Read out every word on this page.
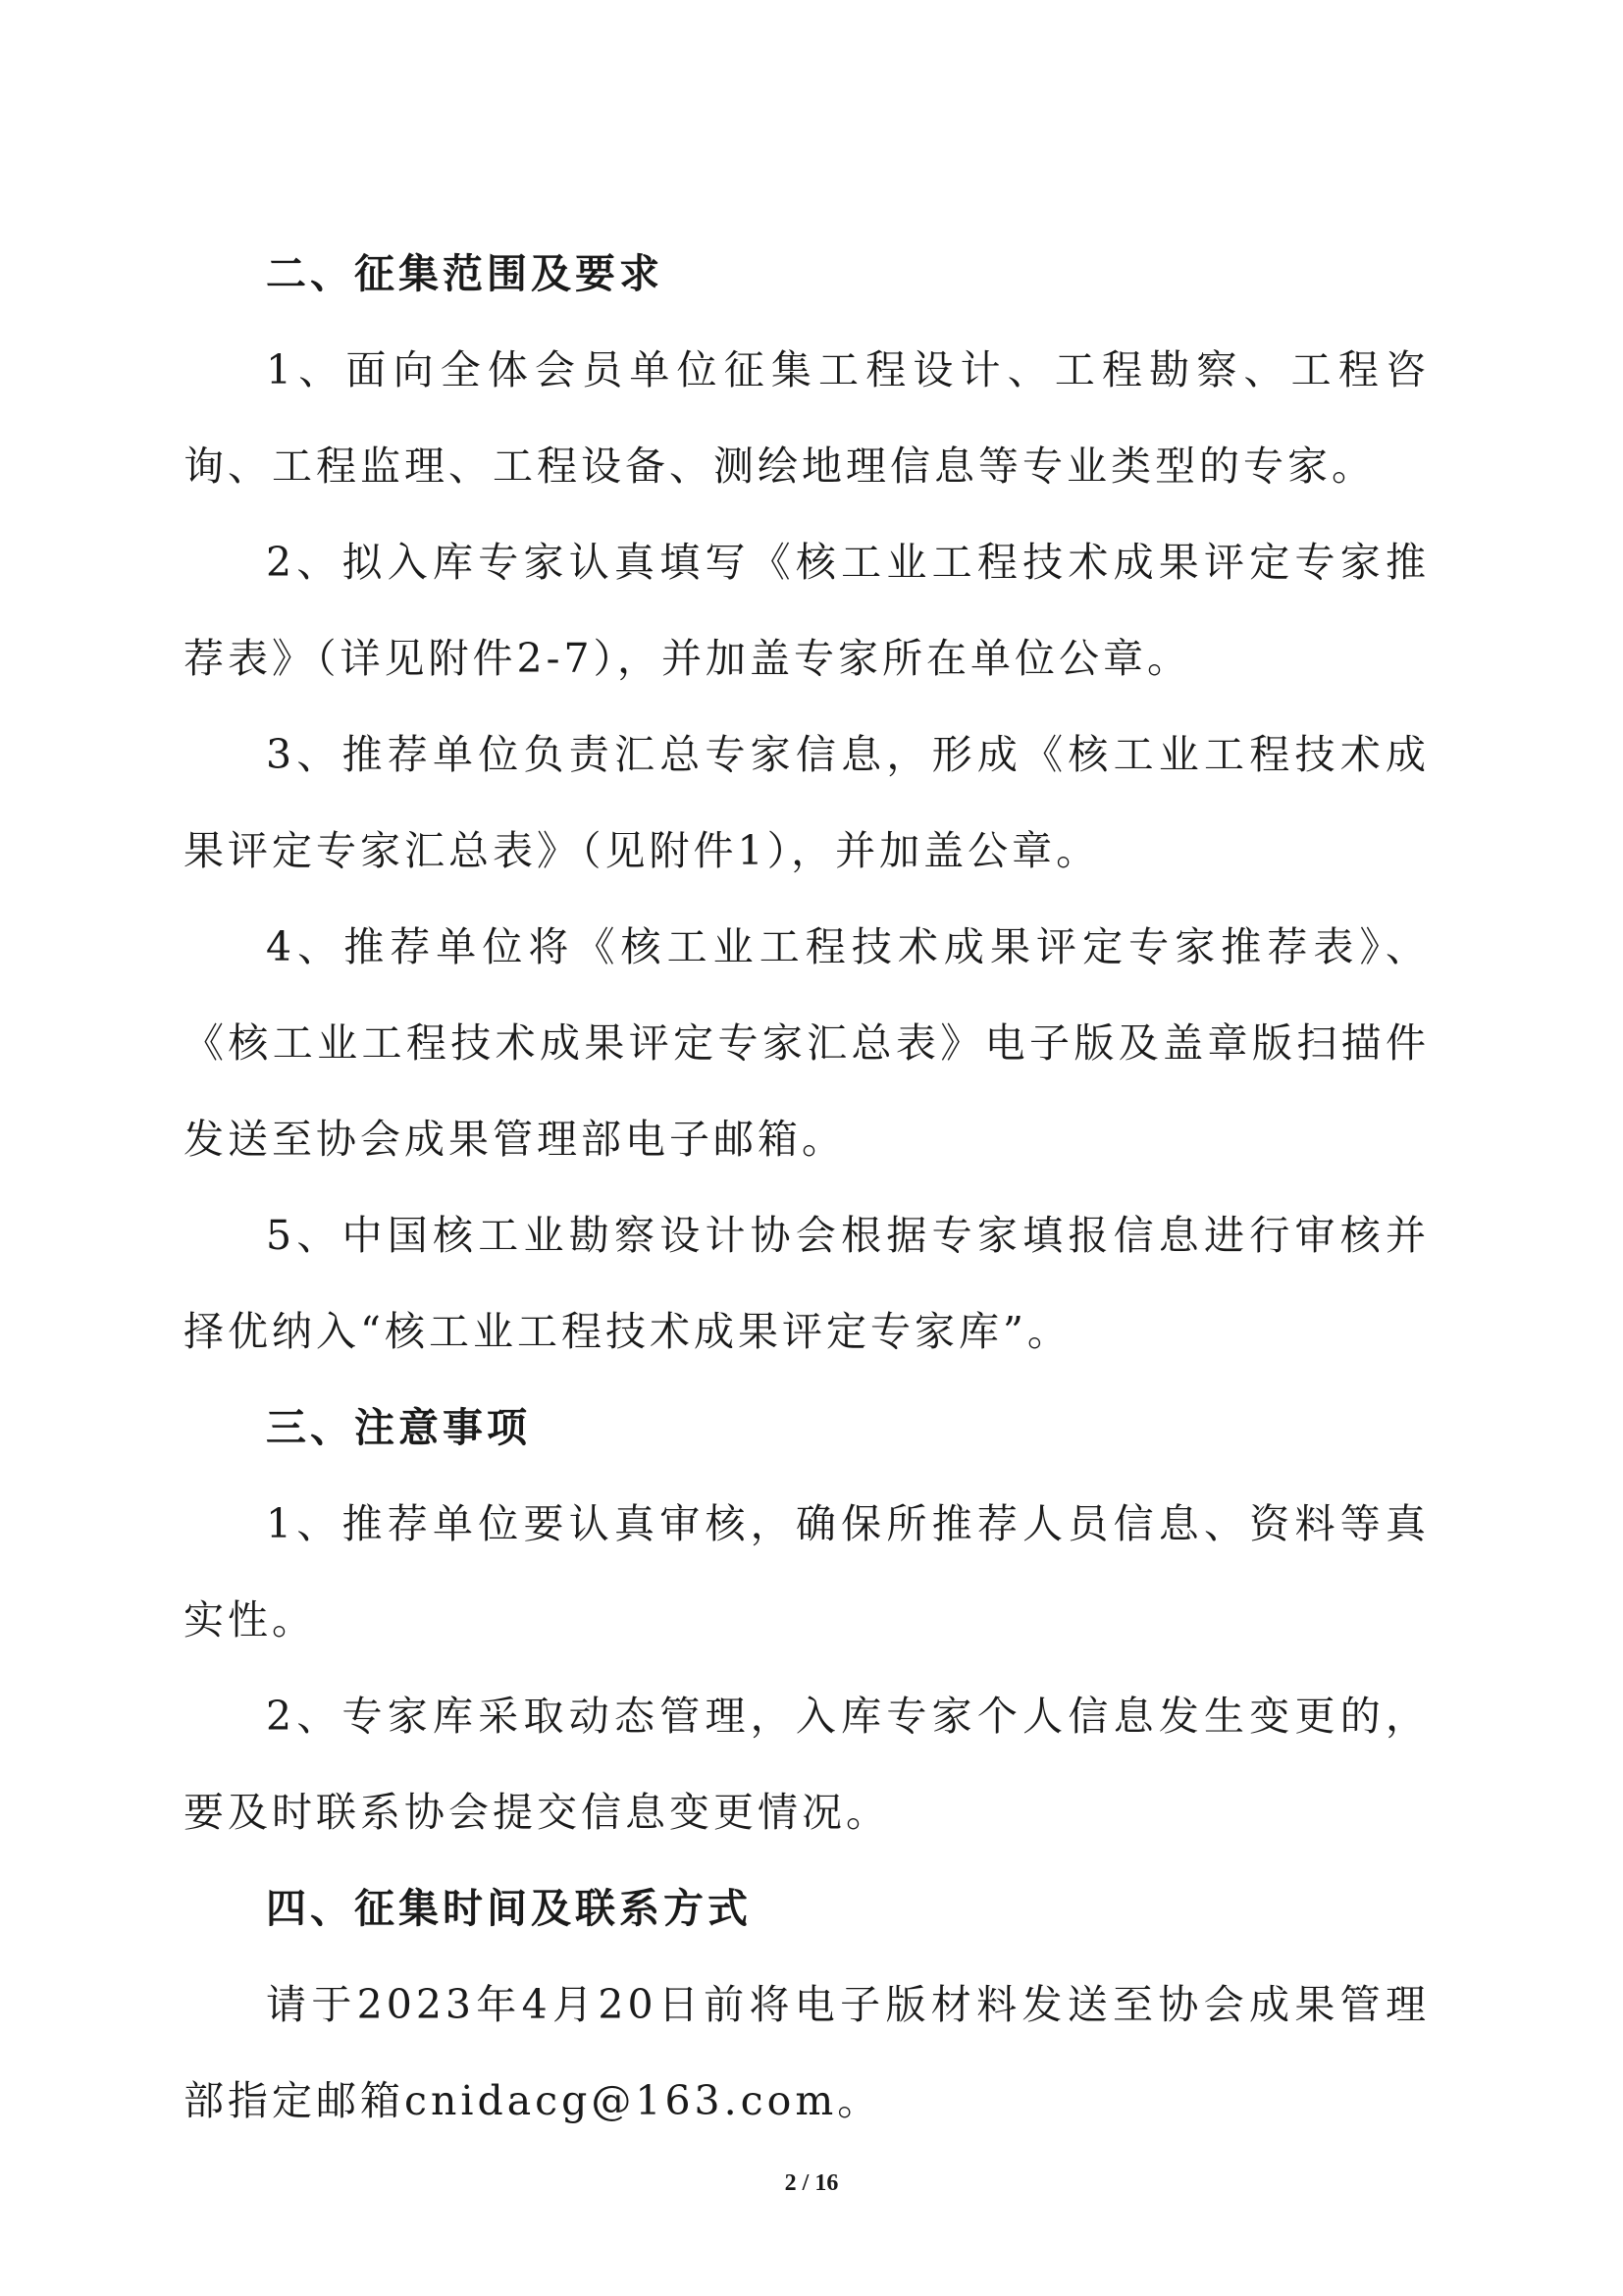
二、征集范围及要求

1、面向全体会员单位征集工程设计、工程勘察、工程咨询、工程监理、工程设备、测绘地理信息等专业类型的专家。

2、拟入库专家认真填写《核工业工程技术成果评定专家推荐表》（详见附件2-7），并加盖专家所在单位公章。

3、推荐单位负责汇总专家信息，形成《核工业工程技术成果评定专家汇总表》（见附件1），并加盖公章。

4、推荐单位将《核工业工程技术成果评定专家推荐表》、《核工业工程技术成果评定专家汇总表》电子版及盖章版扫描件发送至协会成果管理部电子邮箱。

5、中国核工业勘察设计协会根据专家填报信息进行审核并择优纳入“核工业工程技术成果评定专家库”。

三、注意事项

1、推荐单位要认真审核，确保所推荐人员信息、资料等真实性。

2、专家库采取动态管理，入库专家个人信息发生变更的，要及时联系协会提交信息变更情况。

四、征集时间及联系方式

请于2023年4月20日前将电子版材料发送至协会成果管理部指定邮箱cnidacg@163.com。

2 / 16
